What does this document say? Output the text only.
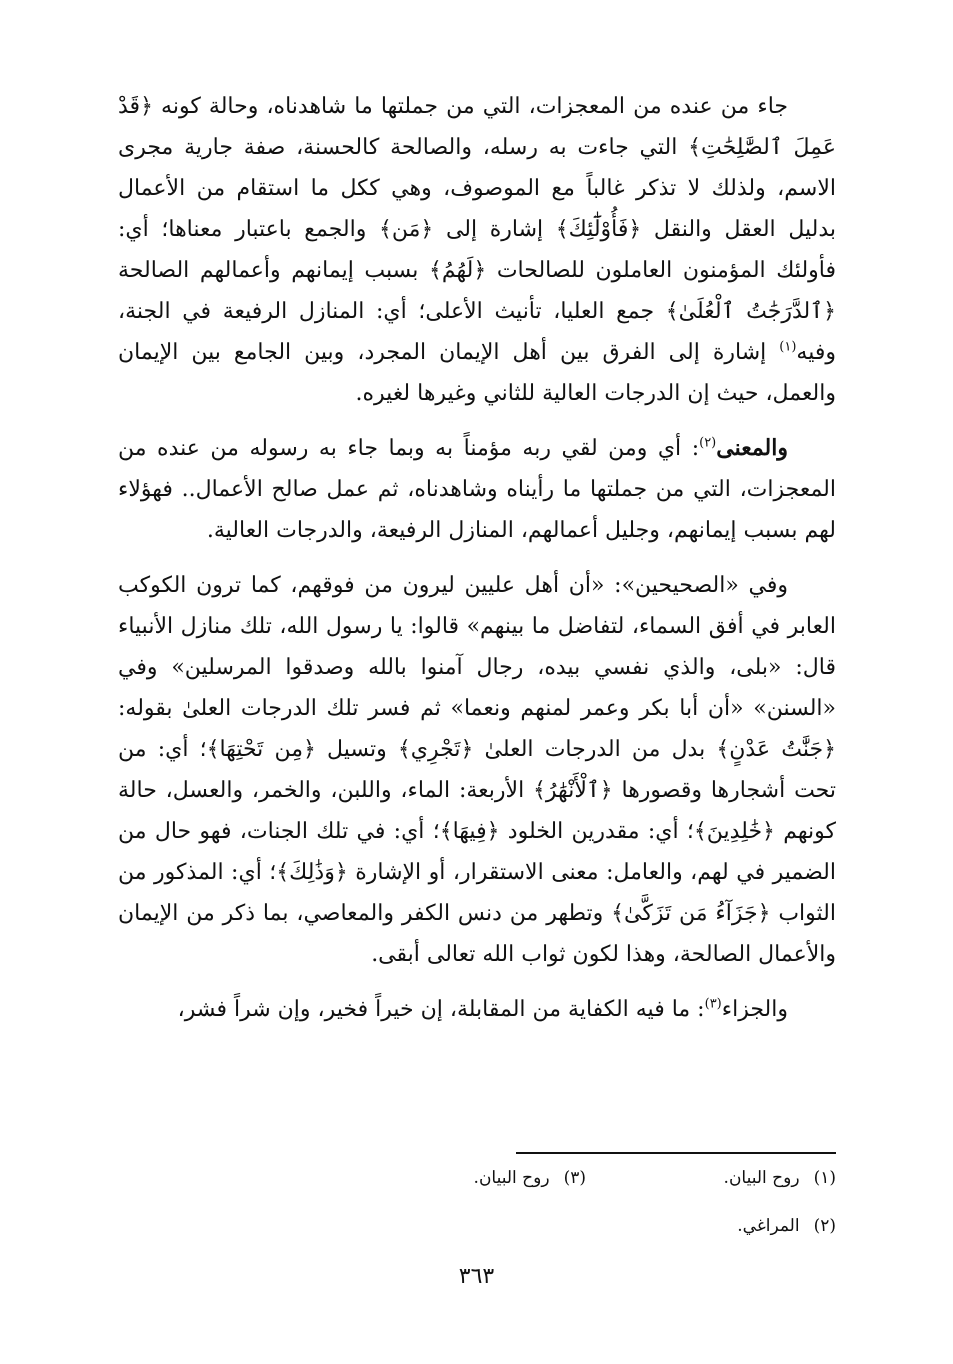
جاء من عنده من المعجزات، التي من جملتها ما شاهدناه، وحالة كونه ﴿قَدْ عَمِلَ ٱلصَّٰلِحَٰتِ﴾ التي جاءت به رسله، والصالحة كالحسنة، صفة جارية مجرى الاسم، ولذلك لا تذكر غالباً مع الموصوف، وهي ككل ما استقام من الأعمال بدليل العقل والنقل ﴿فَأُوْلَٰٓئِكَ﴾ إشارة إلى ﴿مَن﴾ والجمع باعتبار معناها؛ أي: فأولئك المؤمنون العاملون للصالحات ﴿لَهُمُ﴾ بسبب إيمانهم وأعمالهم الصالحة ﴿ٱلدَّرَجَٰتُ ٱلْعُلَىٰ﴾ جمع العليا، تأنيث الأعلى؛ أي: المنازل الرفيعة في الجنة، وفيه$^{(١)}$ إشارة إلى الفرق بين أهل الإيمان المجرد، وبين الجامع بين الإيمان والعمل، حيث إن الدرجات العالية للثاني وغيرها لغيره.

والمعنى$^{(٢)}$: أي ومن لقي ربه مؤمناً به وبما جاء به رسوله من عنده من المعجزات، التي من جملتها ما رأيناه وشاهدناه، ثم عمل صالح الأعمال.. فهؤلاء لهم بسبب إيمانهم، وجليل أعمالهم، المنازل الرفيعة، والدرجات العالية.

وفي «الصحيحين»: «أن أهل عليين ليرون من فوقهم، كما ترون الكوكب العابر في أفق السماء، لتفاضل ما بينهم» قالوا: يا رسول الله، تلك منازل الأنبياء قال: «بلى، والذي نفسي بيده، رجال آمنوا بالله وصدقوا المرسلين» وفي «السنن» «أن أبا بكر وعمر لمنهم ونعما» ثم فسر تلك الدرجات العلىٰ بقوله: ﴿جَنَّٰتُ عَدْنٍ﴾ بدل من الدرجات العلىٰ ﴿تَجْرِي﴾ وتسيل ﴿مِن تَحْتِهَا﴾؛ أي: من تحت أشجارها وقصورها ﴿ٱلْأَنْهَٰرُ﴾ الأربعة: الماء، واللبن، والخمر، والعسل، حالة كونهم ﴿خَٰلِدِينَ﴾؛ أي: مقدرين الخلود ﴿فِيهَا﴾؛ أي: في تلك الجنات، فهو حال من الضمير في لهم، والعامل: معنى الاستقرار، أو الإشارة ﴿وَذَٰلِكَ﴾؛ أي: المذكور من الثواب ﴿جَزَآءُ مَن تَزَكَّىٰ﴾ وتطهر من دنس الكفر والمعاصي، بما ذكر من الإيمان والأعمال الصالحة، وهذا لكون ثواب الله تعالى أبقى.

والجزاء$^{(٣)}$: ما فيه الكفاية من المقابلة، إن خيراً فخير، وإن شراً فشر،

(١)روح البيان.
(٣)روح البيان.
(٢)المراغي.
٣٦٣
